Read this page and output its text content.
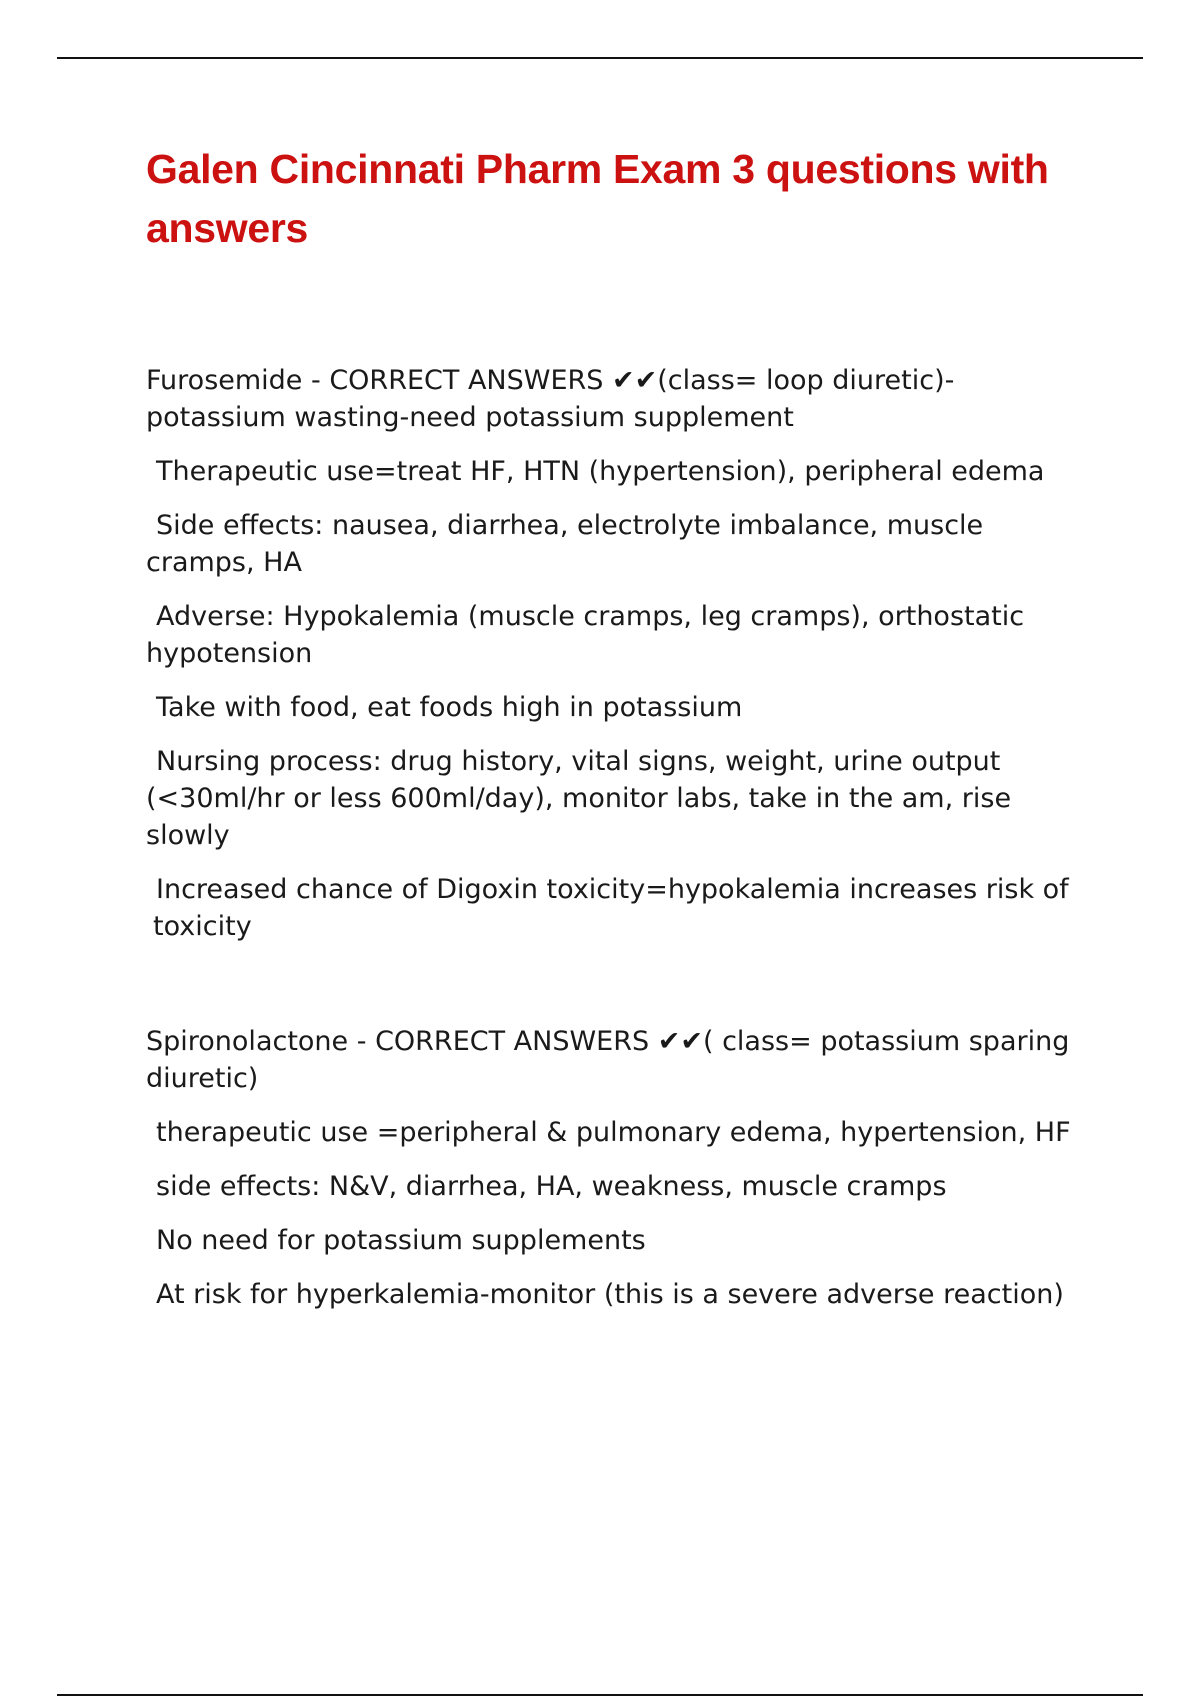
Galen Cincinnati Pharm Exam 3 questions with answers

Furosemide - CORRECT ANSWERS ✔✔(class= loop diuretic)- potassium wasting-need potassium supplement

Therapeutic use=treat HF, HTN (hypertension), peripheral edema

Side effects: nausea, diarrhea, electrolyte imbalance, muscle cramps, HA

Adverse: Hypokalemia (muscle cramps, leg cramps), orthostatic hypotension

Take with food, eat foods high in potassium

Nursing process: drug history, vital signs, weight, urine output (<30ml/hr or less 600ml/day), monitor labs, take in the am, rise slowly

Increased chance of Digoxin toxicity=hypokalemia increases risk of toxicity

Spironolactone - CORRECT ANSWERS ✔✔( class= potassium sparing diuretic)

therapeutic use =peripheral & pulmonary edema, hypertension, HF

side effects: N&V, diarrhea, HA, weakness, muscle cramps

No need for potassium supplements

At risk for hyperkalemia-monitor (this is a severe adverse reaction)
